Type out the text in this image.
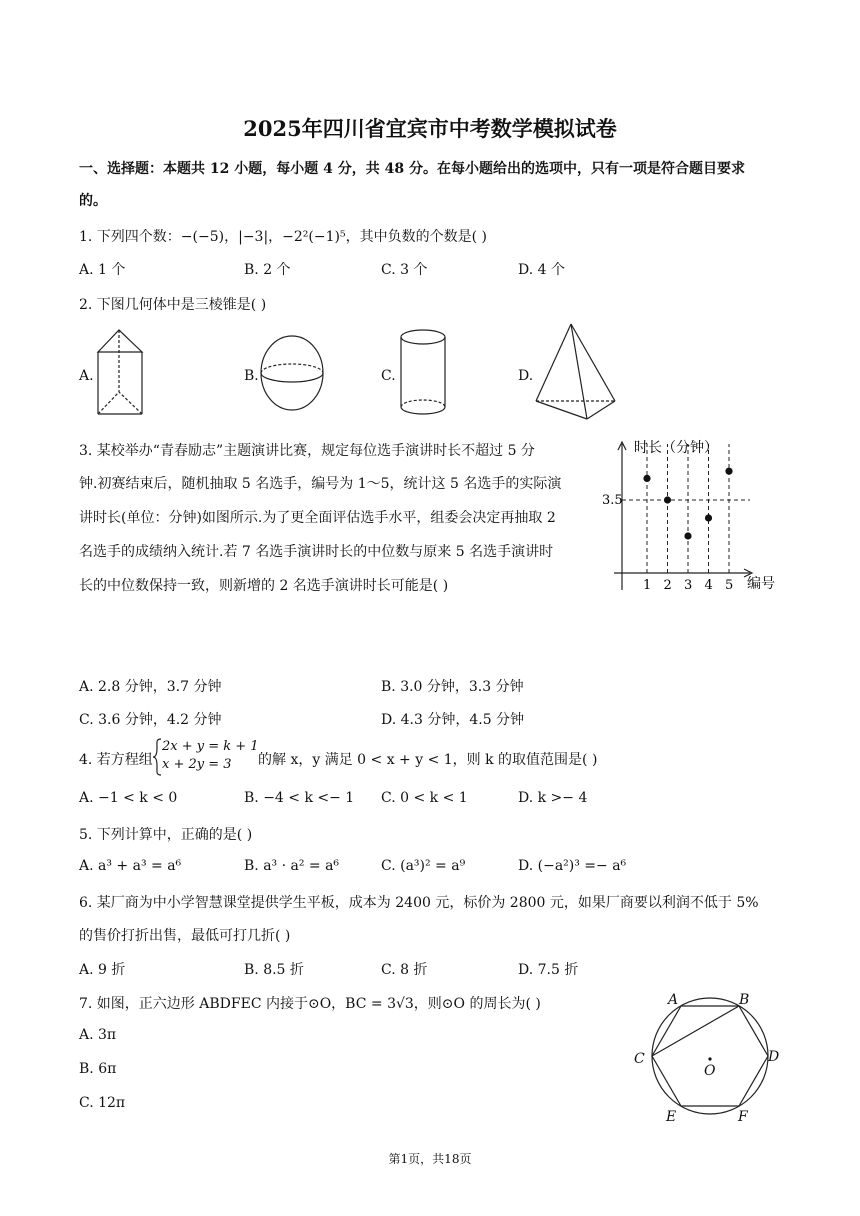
2025年四川省宜宾市中考数学模拟试卷
一、选择题：本题共 12 小题，每小题 4 分，共 48 分。在每小题给出的选项中，只有一项是符合题目要求
的。
1. 下列四个数：−(−5)，|−3|，−2²(−1)⁵，其中负数的个数是( )
A. 1 个	B. 2 个	C. 3 个	D. 4 个
2. 下图几何体中是三棱锥是( )
A.	B.	C.	D.
3. 某校举办“青春励志”主题演讲比赛，规定每位选手演讲时长不超过 5 分
钟.初赛结束后，随机抽取 5 名选手，编号为 1～5，统计这 5 名选手的实际演
讲时长(单位：分钟)如图所示.为了更全面评估选手水平，组委会决定再抽取 2
名选手的成绩纳入统计.若 7 名选手演讲时长的中位数与原来 5 名选手演讲时
长的中位数保持一致，则新增的 2 名选手演讲时长可能是( )
3.5
时长（分钟）
编号
1 2 3 4 5
A. 2.8 分钟，3.7 分钟	B. 3.0 分钟，3.3 分钟
C. 3.6 分钟，4.2 分钟	D. 4.3 分钟，4.5 分钟
4. 若方程组
2x + y = k + 1
x + 2y = 3 的解 x，y 满足 0 < x + y < 1，则 k 的取值范围是( )
A. −1 < k < 0	B. −4 < k <− 1 C. 0 < k < 1	D. k >− 4
5. 下列计算中，正确的是( )
A. a³ + a³ = a⁶	B. a³ · a² = a⁶	C. (a³)² = a⁹	D. (−a²)³ =− a⁶
6. 某厂商为中小学智慧课堂提供学生平板，成本为 2400 元，标价为 2800 元，如果厂商要以利润不低于 5%
的售价打折出售，最低可打几折( )
A. 9 折	B. 8.5 折	C. 8 折	D. 7.5 折
7. 如图，正六边形 ABDFEC 内接于⊙O，BC = 3√3，则⊙O 的周长为( )
A. 3π
B. 6π
C. 12π
A	B
C	D
E	F
O
第1页，共18页
